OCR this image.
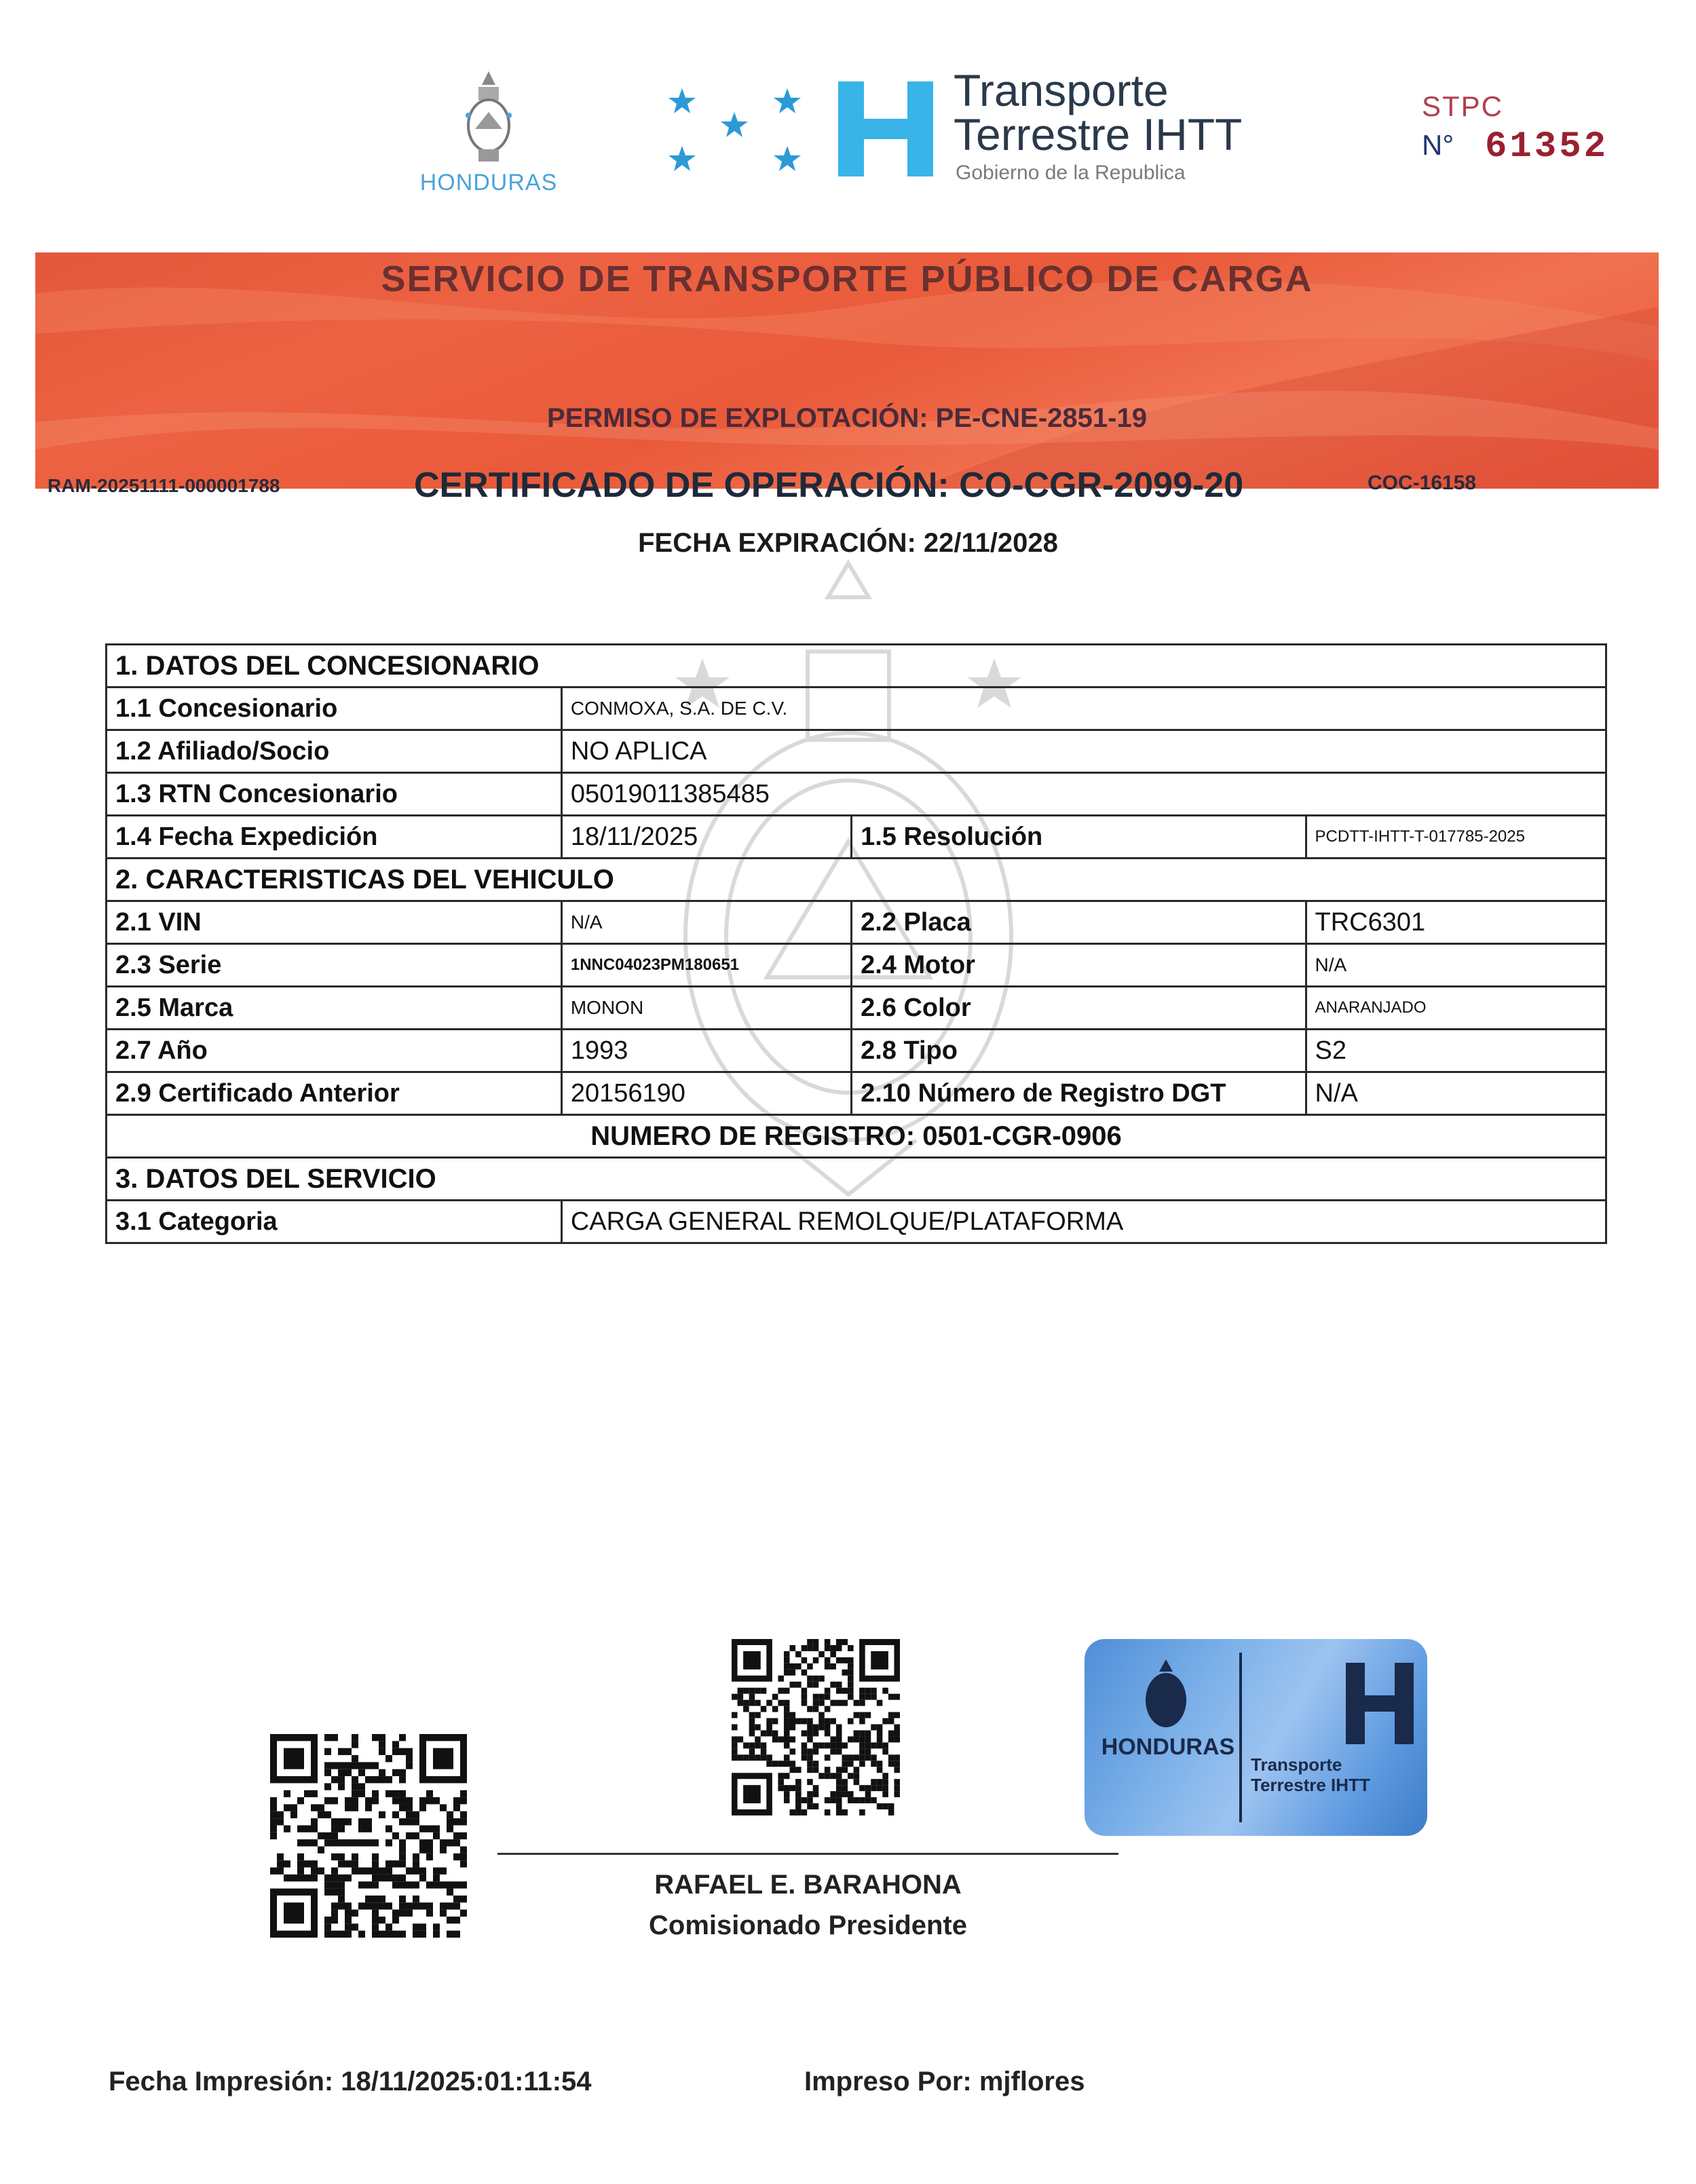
HONDURAS
Transporte
Terrestre IHTT
Gobierno de la Republica
STPC
N° 61352
SERVICIO DE TRANSPORTE PÚBLICO DE CARGA
PERMISO DE EXPLOTACIÓN: PE-CNE-2851-19
RAM-20251111-000001788	CERTIFICADO DE OPERACIÓN: CO-CGR-2099-20	COC-16158
FECHA EXPIRACIÓN: 22/11/2028
1. DATOS DEL CONCESIONARIO			
1.1 Concesionario	CONMOXA, S.A. DE C.V.		
1.2 Afiliado/Socio	NO APLICA		
1.3 RTN Concesionario	05019011385485		
1.4 Fecha Expedición	18/11/2025	1.5 Resolución	PCDTT-IHTT-T-017785-2025
2. CARACTERISTICAS DEL VEHICULO			
2.1 VIN	N/A	2.2 Placa	TRC6301
2.3 Serie	1NNC04023PM180651	2.4 Motor	N/A
2.5 Marca	MONON	2.6 Color	ANARANJADO
2.7 Año	1993	2.8 Tipo	S2
2.9 Certificado Anterior	20156190	2.10 Número de Registro DGT	N/A
NUMERO DE REGISTRO: 0501-CGR-0906			
3. DATOS DEL SERVICIO			
3.1 Categoria	CARGA GENERAL REMOLQUE/PLATAFORMA		
HONDURAS
Transporte
Terrestre IHTT
RAFAEL E. BARAHONA
Comisionado Presidente
Fecha Impresión: 18/11/2025:01:11:54	Impreso Por: mjflores
